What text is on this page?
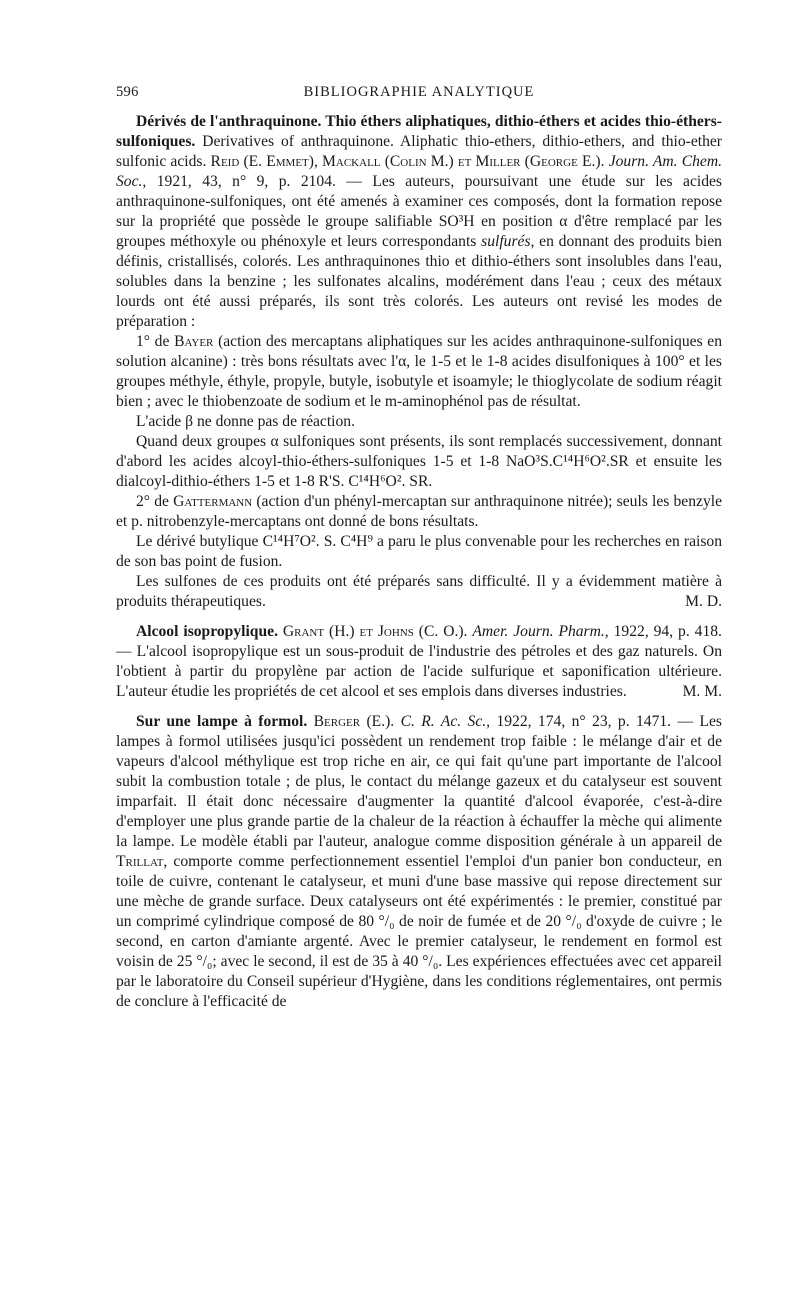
596	BIBLIOGRAPHIE ANALYTIQUE

Dérivés de l'anthraquinone. Thio éthers aliphatiques, dithio-éthers et acides thio-éthers-sulfoniques. Derivatives of anthraquinone. Aliphatic thio-ethers, dithio-ethers, and thio-ether sulfonic acids. Reid (E. Emmet), Mackall (Colin M.) et Miller (George E.). Journ. Am. Chem. Soc., 1921, 43, n° 9, p. 2104. — Les auteurs, poursuivant une étude sur les acides anthraquinone-sulfoniques, ont été amenés à examiner ces composés, dont la formation repose sur la propriété que possède le groupe salifiable SO³H en position α d'être remplacé par les groupes méthoxyle ou phénoxyle et leurs correspondants sulfurés, en donnant des produits bien définis, cristallisés, colorés. Les anthraquinones thio et dithio-éthers sont insolubles dans l'eau, solubles dans la benzine ; les sulfonates alcalins, modérément dans l'eau ; ceux des métaux lourds ont été aussi préparés, ils sont très colorés. Les auteurs ont revisé les modes de préparation :

1° de Bayer (action des mercaptans aliphatiques sur les acides anthraquinone-sulfoniques en solution alcanine) : très bons résultats avec l'α, le 1-5 et le 1-8 acides disulfoniques à 100° et les groupes méthyle, éthyle, propyle, butyle, isobutyle et isoamyle; le thioglycolate de sodium réagit bien ; avec le thiobenzoate de sodium et le m-aminophénol pas de résultat.

L'acide β ne donne pas de réaction.

Quand deux groupes α sulfoniques sont présents, ils sont remplacés successivement, donnant d'abord les acides alcoyl-thio-éthers-sulfoniques 1-5 et 1-8 NaO³S.C¹⁴H⁶O².SR et ensuite les dialcoyl-dithio-éthers 1-5 et 1-8 R'S. C¹⁴H⁶O². SR.

2° de Gattermann (action d'un phényl-mercaptan sur anthraquinone nitrée); seuls les benzyle et p. nitrobenzyle-mercaptans ont donné de bons résultats.

Le dérivé butylique C¹⁴H⁷O². S. C⁴H⁹ a paru le plus convenable pour les recherches en raison de son bas point de fusion.

Les sulfones de ces produits ont été préparés sans difficulté. Il y a évidemment matière à produits thérapeutiques.	M. D.

Alcool isopropylique. Grant (H.) et Johns (C. O.). Amer. Journ. Pharm., 1922, 94, p. 418. — L'alcool isopropylique est un sous-produit de l'industrie des pétroles et des gaz naturels. On l'obtient à partir du propylène par action de l'acide sulfurique et saponification ultérieure. L'auteur étudie les propriétés de cet alcool et ses emplois dans diverses industries.	M. M.

Sur une lampe à formol. Berger (E.). C. R. Ac. Sc., 1922, 174, n° 23, p. 1471. — Les lampes à formol utilisées jusqu'ici possèdent un rendement trop faible : le mélange d'air et de vapeurs d'alcool méthylique est trop riche en air, ce qui fait qu'une part importante de l'alcool subit la combustion totale ; de plus, le contact du mélange gazeux et du catalyseur est souvent imparfait. Il était donc nécessaire d'augmenter la quantité d'alcool évaporée, c'est-à-dire d'employer une plus grande partie de la chaleur de la réaction à échauffer la mèche qui alimente la lampe. Le modèle établi par l'auteur, analogue comme disposition générale à un appareil de Trillat, comporte comme perfectionnement essentiel l'emploi d'un panier bon conducteur, en toile de cuivre, contenant le catalyseur, et muni d'une base massive qui repose directement sur une mèche de grande surface. Deux catalyseurs ont été expérimentés : le premier, constitué par un comprimé cylindrique composé de 80 °/₀ de noir de fumée et de 20 °/₀ d'oxyde de cuivre ; le second, en carton d'amiante argenté. Avec le premier catalyseur, le rendement en formol est voisin de 25 °/₀; avec le second, il est de 35 à 40 °/₀. Les expériences effectuées avec cet appareil par le laboratoire du Conseil supérieur d'Hygiène, dans les conditions réglementaires, ont permis de conclure à l'efficacité de
